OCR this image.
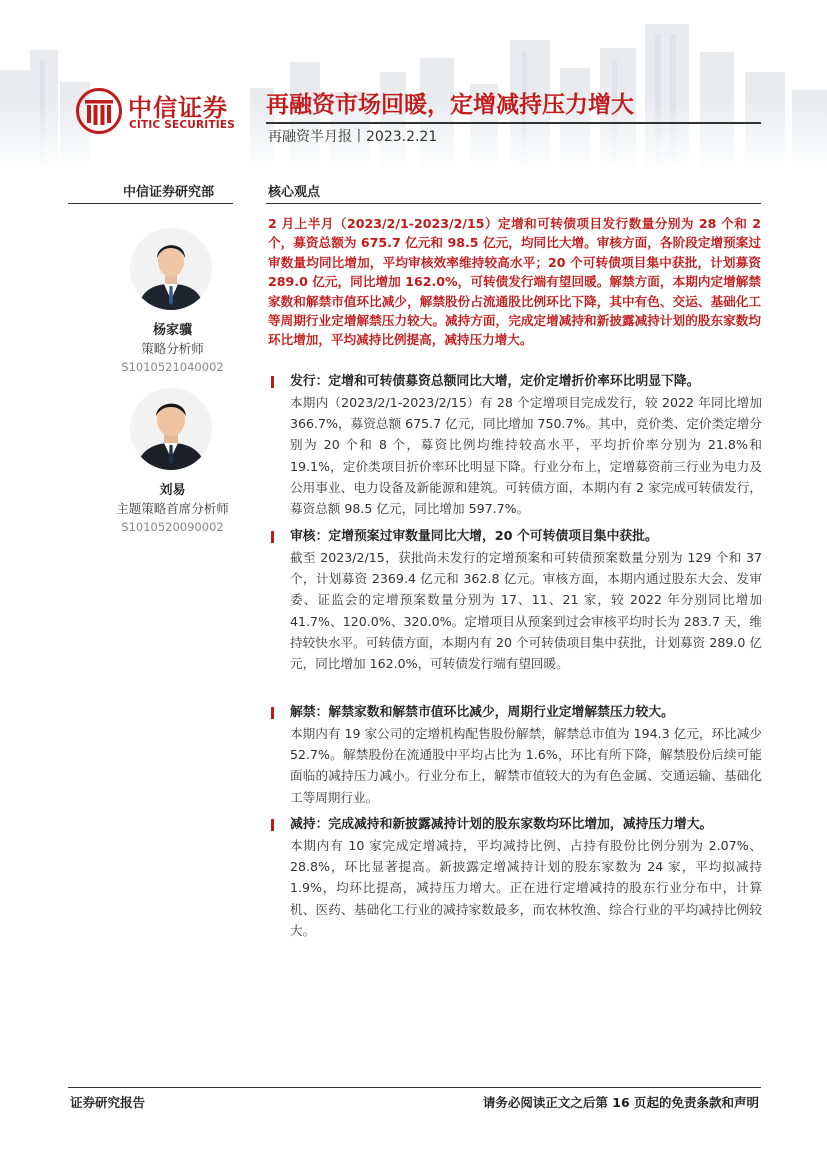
中信证券
CITIC SECURITIES
再融资市场回暖，定增减持压力增大
再融资半月报丨2023.2.21
中信证券研究部	核心观点
杨家骥
策略分析师
S1010521040002
刘易
主题策略首席分析师
S1010520090002
2 月上半月（2023/2/1-2023/2/15）定增和可转债项目发行数量分别为 28 个和 2 个，募资总额为 675.7 亿元和 98.5 亿元，均同比大增。审核方面，各阶段定增预案过审数量均同比增加，平均审核效率维持较高水平；20 个可转债项目集中获批，计划募资 289.0 亿元，同比增加 162.0%，可转债发行端有望回暖。解禁方面，本期内定增解禁家数和解禁市值环比减少，解禁股份占流通股比例环比下降，其中有色、交运、基础化工等周期行业定增解禁压力较大。减持方面，完成定增减持和新披露减持计划的股东家数均环比增加，平均减持比例提高，减持压力增大。
发行：定增和可转债募资总额同比大增，定价定增折价率环比明显下降。
本期内（2023/2/1-2023/2/15）有 28 个定增项目完成发行，较 2022 年同比增加 366.7%，募资总额 675.7 亿元，同比增加 750.7%。其中，竞价类、定价类定增分别为 20 个和 8 个，募资比例均维持较高水平，平均折价率分别为 21.8%和 19.1%，定价类项目折价率环比明显下降。行业分布上，定增募资前三行业为电力及公用事业、电力设备及新能源和建筑。可转债方面，本期内有 2 家完成可转债发行，募资总额 98.5 亿元，同比增加 597.7%。
审核：定增预案过审数量同比大增，20 个可转债项目集中获批。
截至 2023/2/15，获批尚未发行的定增预案和可转债预案数量分别为 129 个和 37 个，计划募资 2369.4 亿元和 362.8 亿元。审核方面，本期内通过股东大会、发审委、证监会的定增预案数量分别为 17、11、21 家，较 2022 年分别同比增加 41.7%、120.0%、320.0%。定增项目从预案到过会审核平均时长为 283.7 天，维持较快水平。可转债方面，本期内有 20 个可转债项目集中获批，计划募资 289.0 亿元，同比增加 162.0%，可转债发行端有望回暖。
解禁：解禁家数和解禁市值环比减少，周期行业定增解禁压力较大。
本期内有 19 家公司的定增机构配售股份解禁，解禁总市值为 194.3 亿元，环比减少 52.7%。解禁股份在流通股中平均占比为 1.6%，环比有所下降，解禁股份后续可能面临的减持压力减小。行业分布上，解禁市值较大的为有色金属、交通运输、基础化工等周期行业。
减持：完成减持和新披露减持计划的股东家数均环比增加，减持压力增大。
本期内有 10 家完成定增减持，平均减持比例、占持有股份比例分别为 2.07%、28.8%，环比显著提高。新披露定增减持计划的股东家数为 24 家，平均拟减持 1.9%，均环比提高，减持压力增大。正在进行定增减持的股东行业分布中，计算机、医药、基础化工行业的减持家数最多，而农林牧渔、综合行业的平均减持比例较大。
证券研究报告	请务必阅读正文之后第 16 页起的免责条款和声明
